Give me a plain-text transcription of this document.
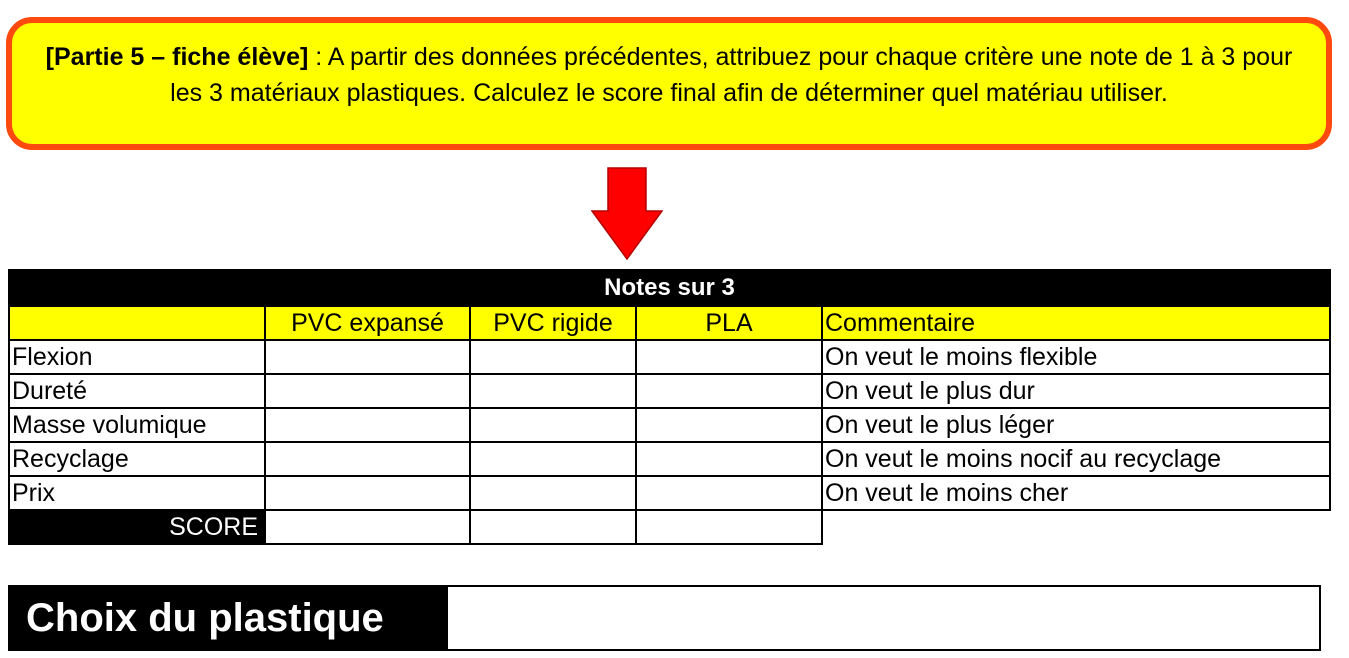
[Partie 5 – fiche élève] : A partir des données précédentes, attribuez pour chaque critère une note de 1 à 3 pour les 3 matériaux plastiques. Calculez le score final afin de déterminer quel matériau utiliser.
Notes sur 3				
	PVC expansé	PVC rigide	PLA	Commentaire
Flexion				On veut le moins flexible
Dureté				On veut le plus dur
Masse volumique				On veut le plus léger
Recyclage				On veut le moins nocif au recyclage
Prix				On veut le moins cher
SCORE				
Choix du plastique
